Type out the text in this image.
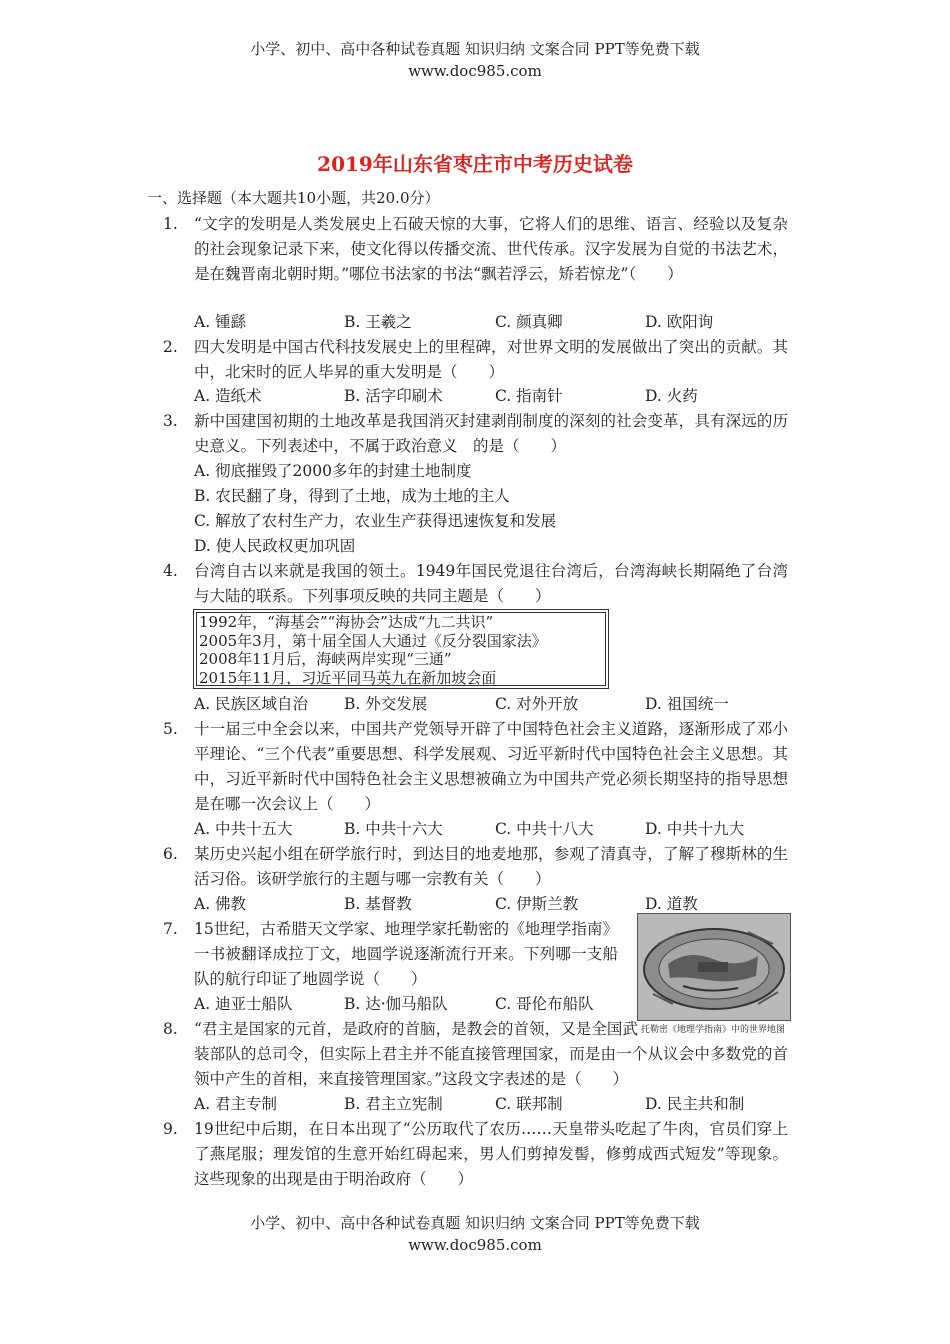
小学、初中、高中各种试卷真题 知识归纳 文案合同 PPT等免费下载
www.doc985.com
2019年山东省枣庄市中考历史试卷
一、选择题（本大题共10小题，共20.0分）
1. “文字的发明是人类发展史上石破天惊的大事，它将人们的思维、语言、经验以及复杂的社会现象记录下来，使文化得以传播交流、世代传承。汉字发展为自觉的书法艺术，是在魏晋南北朝时期。”哪位书法家的书法“飘若浮云，矫若惊龙”（　　）
A. 锺繇	B. 王羲之	C. 颜真卿	D. 欧阳询
2. 四大发明是中国古代科技发展史上的里程碑，对世界文明的发展做出了突出的贡献。其中，北宋时的匠人毕昇的重大发明是（　　）
A. 造纸术	B. 活字印刷术	C. 指南针	D. 火药
3. 新中国建国初期的土地改革是我国消灭封建剥削制度的深刻的社会变革，具有深远的历史意义。下列表述中，不属于政治意义　的是（　　）
A. 彻底摧毁了2000多年的封建土地制度
B. 农民翻了身，得到了土地，成为土地的主人
C. 解放了农村生产力，农业生产获得迅速恢复和发展
D. 使人民政权更加巩固
4. 台湾自古以来就是我国的领土。1949年国民党退往台湾后，台湾海峡长期隔绝了台湾与大陆的联系。下列事项反映的共同主题是（　　）
1992年，“海基会”“海协会”达成“九二共识”
2005年3月，第十届全国人大通过《反分裂国家法》
2008年11月后，海峡两岸实现“三通”
2015年11月，习近平同马英九在新加坡会面
A. 民族区域自治 B. 外交发展	C. 对外开放	D. 祖国统一
5. 十一届三中全会以来，中国共产党领导开辟了中国特色社会主义道路，逐渐形成了邓小平理论、“三个代表”重要思想、科学发展观、习近平新时代中国特色社会主义思想。其中，习近平新时代中国特色社会主义思想被确立为中国共产党必须长期坚持的指导思想是在哪一次会议上（　　）
A. 中共十五大	B. 中共十六大	C. 中共十八大	D. 中共十九大
6. 某历史兴起小组在研学旅行时，到达目的地麦地那，参观了清真寺，了解了穆斯林的生活习俗。该研学旅行的主题与哪一宗教有关（　　）
A. 佛教	B. 基督教	C. 伊斯兰教	D. 道教
7. 15世纪，古希腊天文学家、地理学家托勒密的《地理学指南》一书被翻译成拉丁文，地圆学说逐渐流行开来。下列哪一支船队的航行印证了地圆学说（　　）
A. 迪亚士船队	B. 达·伽马船队	C. 哥伦布船队
托勒密《地理学指南》中的世界地图
8. “君主是国家的元首，是政府的首脑，是教会的首领，又是全国武装部队的总司令，但实际上君主并不能直接管理国家，而是由一个从议会中多数党的首领中产生的首相，来直接管理国家。”这段文字表述的是（　　）
A. 君主专制	B. 君主立宪制	C. 联邦制	D. 民主共和制
9. 19世纪中后期，在日本出现了“公历取代了农历……天皇带头吃起了牛肉，官员们穿上了燕尾服；理发馆的生意开始红碍起来，男人们剪掉发髻，修剪成西式短发”等现象。这些现象的出现是由于明治政府（　　）
小学、初中、高中各种试卷真题 知识归纳 文案合同 PPT等免费下载
www.doc985.com
